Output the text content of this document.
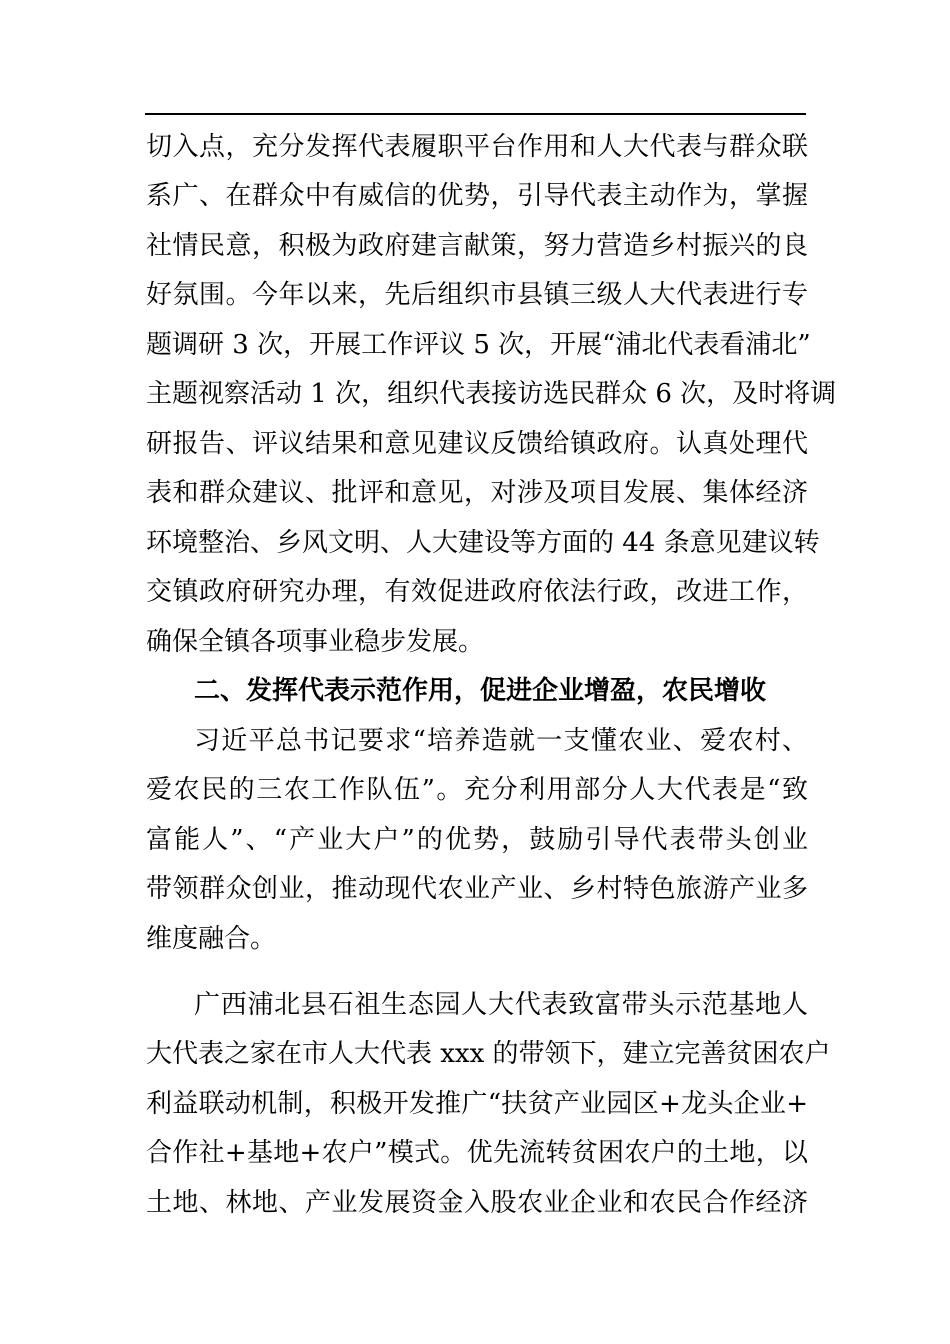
切入点，充分发挥代表履职平台作用和人大代表与群众联
系广、在群众中有威信的优势，引导代表主动作为，掌握
社情民意，积极为政府建言献策，努力营造乡村振兴的良
好氛围。今年以来，先后组织市县镇三级人大代表进行专
题调研 3 次，开展工作评议 5 次，开展“浦北代表看浦北”
主题视察活动 1 次，组织代表接访选民群众 6 次，及时将调
研报告、评议结果和意见建议反馈给镇政府。认真处理代
表和群众建议、批评和意见，对涉及项目发展、集体经济
环境整治、乡风文明、人大建设等方面的 44 条意见建议转
交镇政府研究办理，有效促进政府依法行政，改进工作，
确保全镇各项事业稳步发展。
二、发挥代表示范作用，促进企业增盈，农民增收
习近平总书记要求“培养造就一支懂农业、爱农村、
爱农民的三农工作队伍”。充分利用部分人大代表是“致
富能人”、“产业大户”的优势，鼓励引导代表带头创业
带领群众创业，推动现代农业产业、乡村特色旅游产业多
维度融合。
广西浦北县石祖生态园人大代表致富带头示范基地人
大代表之家在市人大代表 xxx 的带领下，建立完善贫困农户
利益联动机制，积极开发推广“扶贫产业园区+龙头企业+
合作社+基地+农户”模式。优先流转贫困农户的土地，以
土地、林地、产业发展资金入股农业企业和农民合作经济
